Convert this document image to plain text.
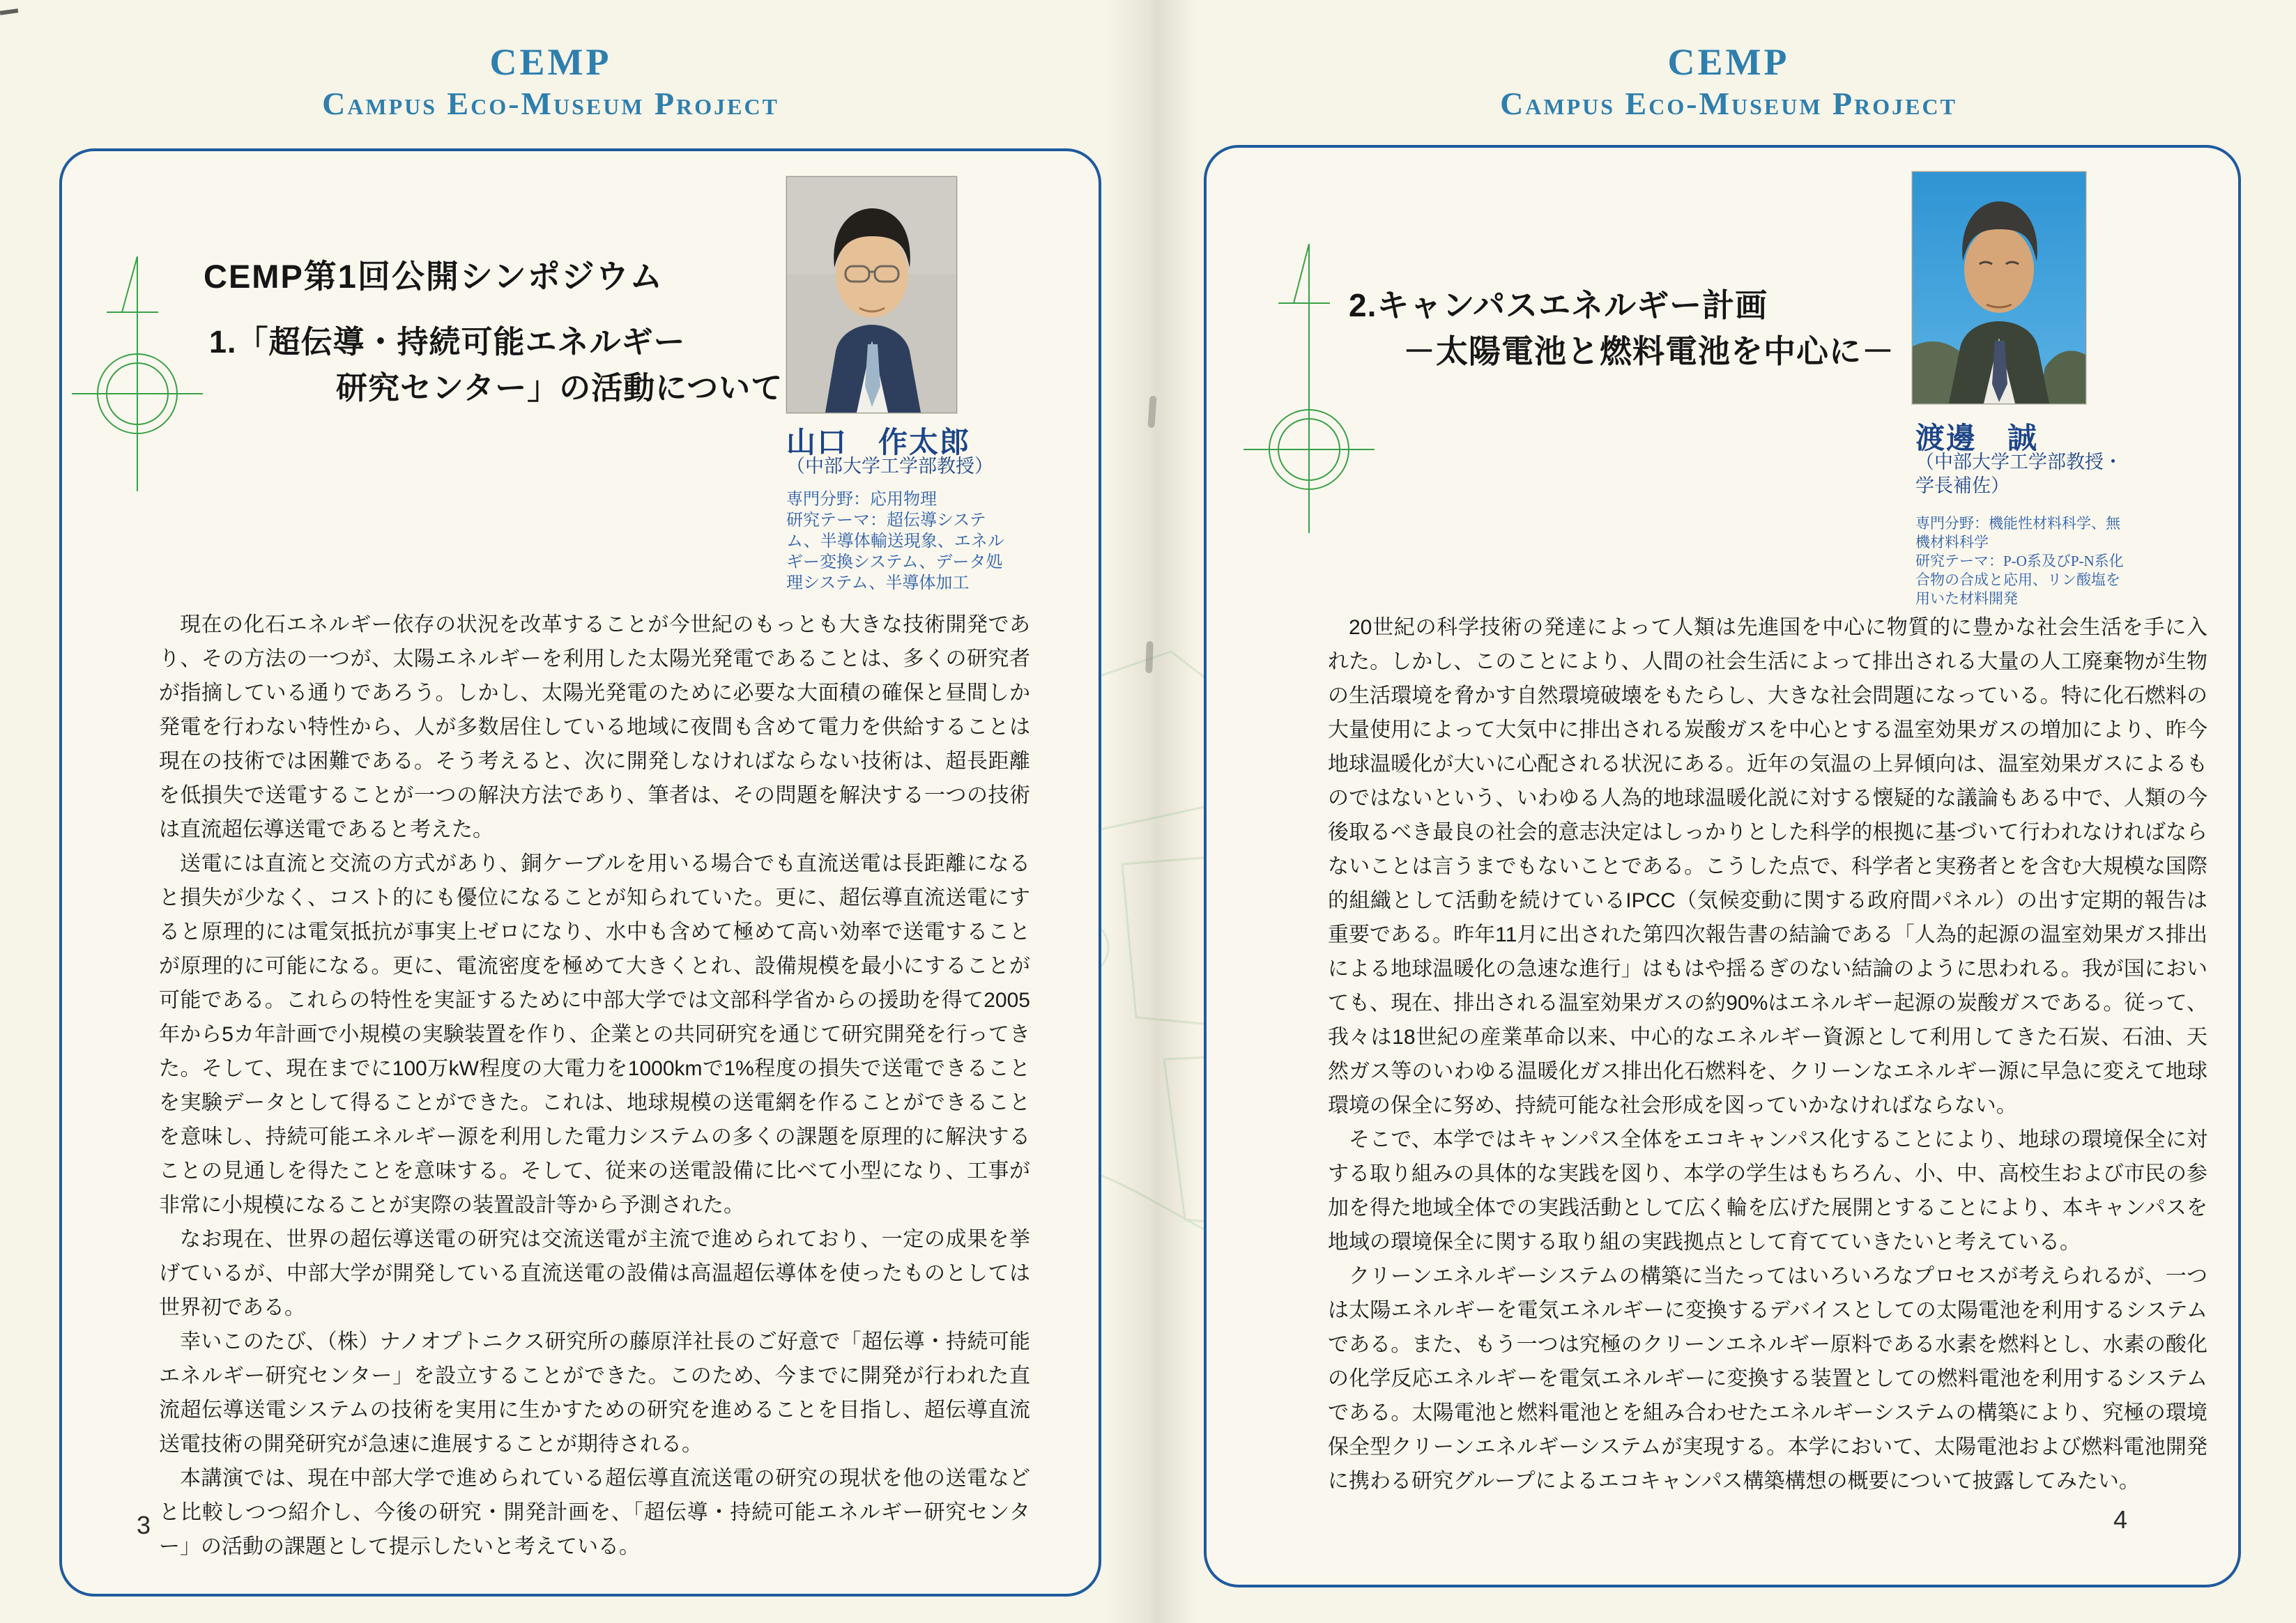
CEMP
Campus Eco-Museum Project
CEMP第1回公開シンポジウム
1.「超伝導・持続可能エネルギー
研究センター」の活動について
山口　作太郎
（中部大学工学部教授）
専門分野：応用物理
研究テーマ：超伝導システム、半導体輸送現象、エネルギー変換システム、データ処理システム、半導体加工

現在の化石エネルギー依存の状況を改革することが今世紀のもっとも大きな技術開発であり、その方法の一つが、太陽エネルギーを利用した太陽光発電であることは、多くの研究者が指摘している通りであろう。しかし、太陽光発電のために必要な大面積の確保と昼間しか発電を行わない特性から、人が多数居住している地域に夜間も含めて電力を供給することは現在の技術では困難である。そう考えると、次に開発しなければならない技術は、超長距離を低損失で送電することが一つの解決方法であり、筆者は、その問題を解決する一つの技術は直流超伝導送電であると考えた。

送電には直流と交流の方式があり、銅ケーブルを用いる場合でも直流送電は長距離になると損失が少なく、コスト的にも優位になることが知られていた。更に、超伝導直流送電にすると原理的には電気抵抗が事実上ゼロになり、水中も含めて極めて高い効率で送電することが原理的に可能になる。更に、電流密度を極めて大きくとれ、設備規模を最小にすることが可能である。これらの特性を実証するために中部大学では文部科学省からの援助を得て2005年から5カ年計画で小規模の実験装置を作り、企業との共同研究を通じて研究開発を行ってきた。そして、現在までに100万kW程度の大電力を1000kmで1%程度の損失で送電できることを実験データとして得ることができた。これは、地球規模の送電網を作ることができることを意味し、持続可能エネルギー源を利用した電力システムの多くの課題を原理的に解決することの見通しを得たことを意味する。そして、従来の送電設備に比べて小型になり、工事が非常に小規模になることが実際の装置設計等から予測された。

なお現在、世界の超伝導送電の研究は交流送電が主流で進められており、一定の成果を挙げているが、中部大学が開発している直流送電の設備は高温超伝導体を使ったものとしては世界初である。

幸いこのたび、（株）ナノオプトニクス研究所の藤原洋社長のご好意で「超伝導・持続可能エネルギー研究センター」を設立することができた。このため、今までに開発が行われた直流超伝導送電システムの技術を実用に生かすための研究を進めることを目指し、超伝導直流送電技術の開発研究が急速に進展することが期待される。

本講演では、現在中部大学で進められている超伝導直流送電の研究の現状を他の送電などと比較しつつ紹介し、今後の研究・開発計画を、「超伝導・持続可能エネルギー研究センター」の活動の課題として提示したいと考えている。

3
CEMP
Campus Eco-Museum Project
2.キャンパスエネルギー計画
－太陽電池と燃料電池を中心に－
渡邊　誠
（中部大学工学部教授・学長補佐）
専門分野：機能性材料科学、無機材料科学
研究テーマ：P-O系及びP-N系化合物の合成と応用、リン酸塩を用いた材料開発

20世紀の科学技術の発達によって人類は先進国を中心に物質的に豊かな社会生活を手に入れた。しかし、このことにより、人間の社会生活によって排出される大量の人工廃棄物が生物の生活環境を脅かす自然環境破壊をもたらし、大きな社会問題になっている。特に化石燃料の大量使用によって大気中に排出される炭酸ガスを中心とする温室効果ガスの増加により、昨今地球温暖化が大いに心配される状況にある。近年の気温の上昇傾向は、温室効果ガスによるものではないという、いわゆる人為的地球温暖化説に対する懐疑的な議論もある中で、人類の今後取るべき最良の社会的意志決定はしっかりとした科学的根拠に基づいて行われなければならないことは言うまでもないことである。こうした点で、科学者と実務者とを含む大規模な国際的組織として活動を続けているIPCC（気候変動に関する政府間パネル）の出す定期的報告は重要である。昨年11月に出された第四次報告書の結論である「人為的起源の温室効果ガス排出による地球温暖化の急速な進行」はもはや揺るぎのない結論のように思われる。我が国においても、現在、排出される温室効果ガスの約90%はエネルギー起源の炭酸ガスである。従って、我々は18世紀の産業革命以来、中心的なエネルギー資源として利用してきた石炭、石油、天然ガス等のいわゆる温暖化ガス排出化石燃料を、クリーンなエネルギー源に早急に変えて地球環境の保全に努め、持続可能な社会形成を図っていかなければならない。

そこで、本学ではキャンパス全体をエコキャンパス化することにより、地球の環境保全に対する取り組みの具体的な実践を図り、本学の学生はもちろん、小、中、高校生および市民の参加を得た地域全体での実践活動として広く輪を広げた展開とすることにより、本キャンパスを地域の環境保全に関する取り組の実践拠点として育てていきたいと考えている。

クリーンエネルギーシステムの構築に当たってはいろいろなプロセスが考えられるが、一つは太陽エネルギーを電気エネルギーに変換するデバイスとしての太陽電池を利用するシステムである。また、もう一つは究極のクリーンエネルギー原料である水素を燃料とし、水素の酸化の化学反応エネルギーを電気エネルギーに変換する装置としての燃料電池を利用するシステムである。太陽電池と燃料電池とを組み合わせたエネルギーシステムの構築により、究極の環境保全型クリーンエネルギーシステムが実現する。本学において、太陽電池および燃料電池開発に携わる研究グループによるエコキャンパス構築構想の概要について披露してみたい。

4
